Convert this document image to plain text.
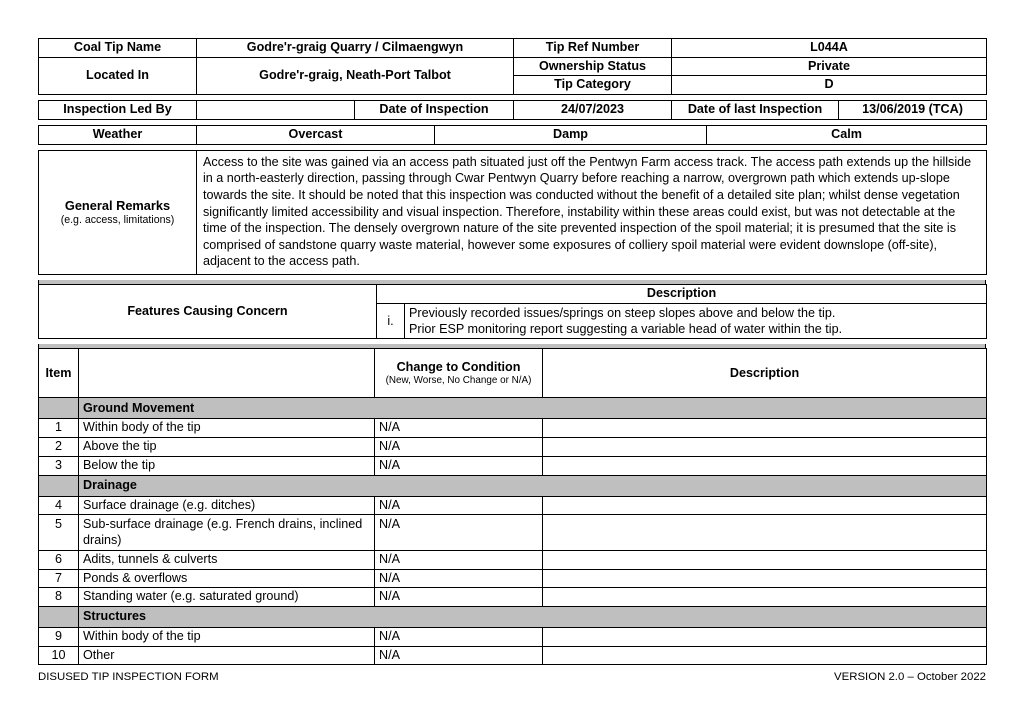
Coal Tip Name	Godre'r-graig Quarry / Cilmaengwyn	Tip Ref Number	L044A
Located In	Godre'r-graig, Neath-Port Talbot	Ownership Status	Private
		Tip Category	D
Inspection Led By		Date of Inspection	24/07/2023	Date of last Inspection	13/06/2019 (TCA)
Weather	Overcast	Damp	Calm
General Remarks
(e.g. access, limitations)
	Access to the site was gained via an access path situated just off the Pentwyn Farm access track. The access path extends up the hillside in a north-easterly direction, passing through Cwar Pentwyn Quarry before reaching a narrow, overgrown path which extends up-slope towards the site. It should be noted that this inspection was conducted without the benefit of a detailed site plan; whilst dense vegetation significantly limited accessibility and visual inspection. Therefore, instability within these areas could exist, but was not detectable at the time of the inspection. The densely overgrown nature of the site prevented inspection of the spoil material; it is presumed that the site is comprised of sandstone quarry waste material, however some exposures of colliery spoil material were evident downslope (off-site), adjacent to the access path.
Features Causing Concern	Description	
	i.	Previously recorded issues/springs on steep slopes above and below the tip.
Prior ESP monitoring report suggesting a variable head of water within the tip.
Item		Change to Condition
(New, Worse, No Change or N/A)	Description
	Ground Movement		
1	Within body of the tip	N/A	
2	Above the tip	N/A	
3	Below the tip	N/A	
	Drainage		
4	Surface drainage (e.g. ditches)	N/A	
5	Sub-surface drainage (e.g. French drains, inclined drains)	N/A	
6	Adits, tunnels & culverts	N/A	
7	Ponds & overflows	N/A	
8	Standing water (e.g. saturated ground)	N/A	
	Structures		
9	Within body of the tip	N/A	
10	Other	N/A	
DISUSED TIP INSPECTION FORM	VERSION 2.0 – October 2022
